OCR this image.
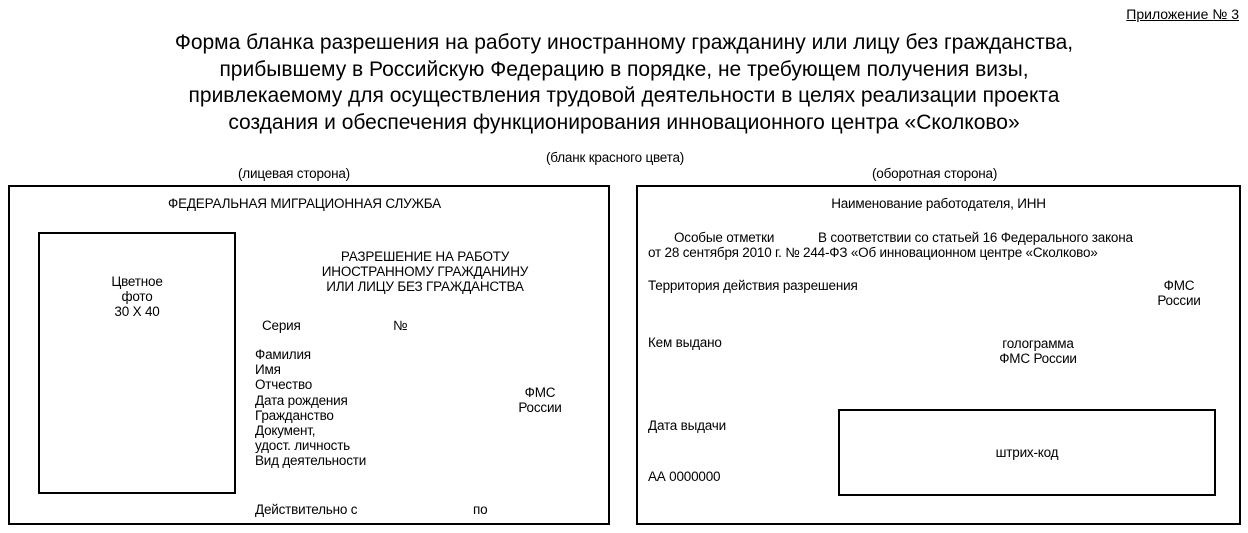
Приложение № 3
Форма бланка разрешения на работу иностранному гражданину или лицу без гражданства,
прибывшему в Российскую Федерацию в порядке, не требующем получения визы,
привлекаемому для осуществления трудовой деятельности в целях реализации проекта
создания и обеспечения функционирования инновационного центра «Сколково»
(бланк красного цвета)
(лицевая сторона)	(оборотная сторона)
ФЕДЕРАЛЬНАЯ МИГРАЦИОННАЯ СЛУЖБА
Цветное
фото
30 X 40
РАЗРЕШЕНИЕ НА РАБОТУ
ИНОСТРАННОМУ ГРАЖДАНИНУ
ИЛИ ЛИЦУ БЕЗ ГРАЖДАНСТВА
Серия	№
Фамилия
Имя
Отчество
Дата рождения
Гражданство
Документ,
удост. личность
Вид деятельности
ФМС
России
Действительно с	по
Наименование работодателя, ИНН
Особые отметки	В соответствии со статьей 16 Федерального закона
от 28 сентября 2010 г. № 244-ФЗ «Об инновационном центре «Сколково»
Территория действия разрешения	ФМС
России
Кем выдано	голограмма
ФМС России
Дата выдачи
АА 0000000
штрих-код
